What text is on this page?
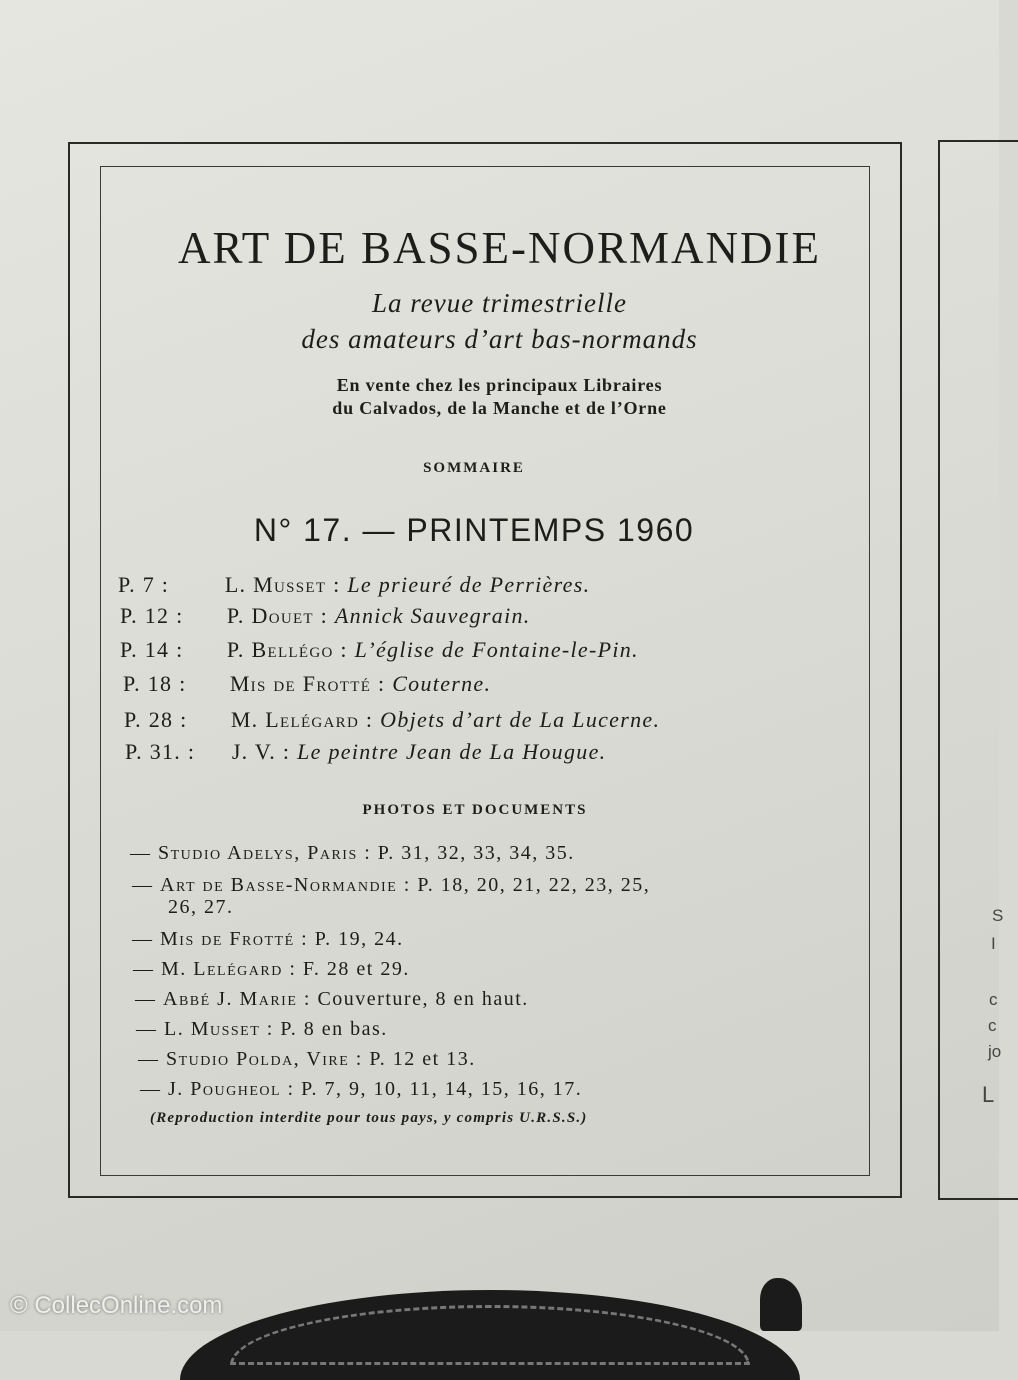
S
I
c
c
jo
L
ART DE BASSE-NORMANDIE
La revue trimestrielle
des amateurs d’art bas-normands
En vente chez les principaux Libraires
du Calvados, de la Manche et de l’Orne
SOMMAIRE
N° 17. — PRINTEMPS 1960
P. 7 :	L. Musset : Le prieuré de Perrières.
P. 12 : P. Douet : Annick Sauvegrain.
P. 14 : P. Bellégo : L’église de Fontaine-le-Pin.
P. 18 : Mis de Frotté : Couterne.
P. 28 : M. Lelégard : Objets d’art de La Lucerne.
P. 31. : J. V. : Le peintre Jean de La Hougue.
PHOTOS ET DOCUMENTS
— Studio Adelys, Paris : P. 31, 32, 33, 34, 35.
— Art de Basse-Normandie : P. 18, 20, 21, 22, 23, 25,
26, 27.
— Mis de Frotté : P. 19, 24.
— M. Lelégard : F. 28 et 29.
— Abbé J. Marie : Couverture, 8 en haut.
— L. Musset : P. 8 en bas.
— Studio Polda, Vire : P. 12 et 13.
— J. Pougheol : P. 7, 9, 10, 11, 14, 15, 16, 17.
(Reproduction interdite pour tous pays, y compris U.R.S.S.)
© CollecOnline.com
